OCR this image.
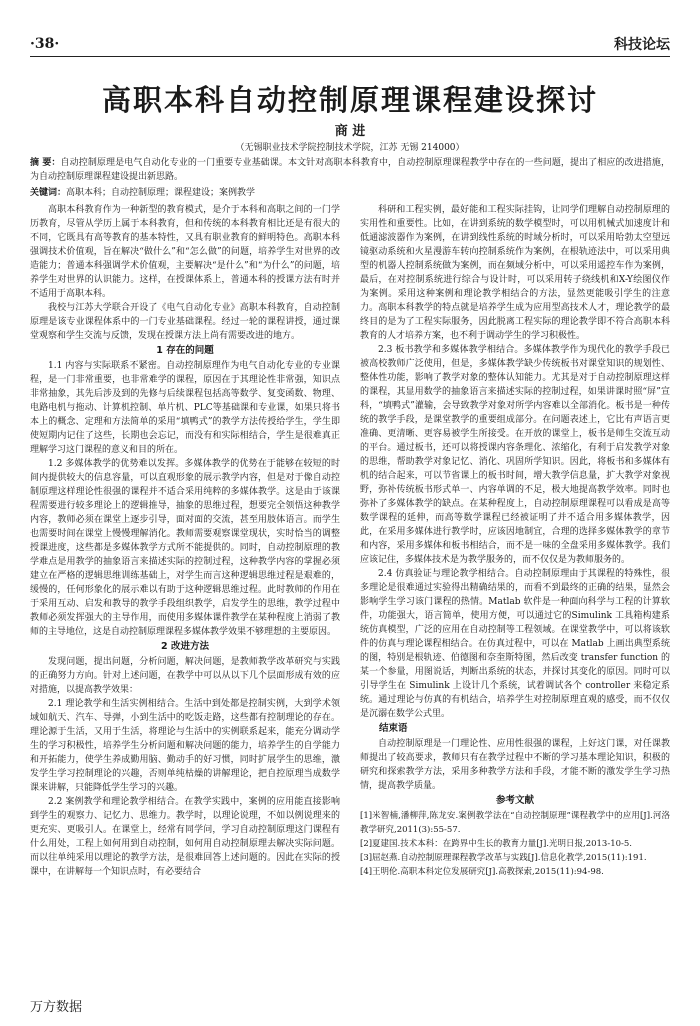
·38·	科技论坛
高职本科自动控制原理课程建设探讨
商 进
（无锡职业技术学院控制技术学院，江苏 无锡 214000）
摘 要：自动控制原理是电气自动化专业的一门重要专业基础课。本文针对高职本科教育中，自动控制原理课程教学中存在的一些问题，提出了相应的改进措施，为自动控制原理课程建设提出新思路。
关键词：高职本科；自动控制原理；课程建设；案例教学

高职本科教育作为一种新型的教育模式，是介于本科和高职之间的一门学历教育，尽管从学历上属于本科教育，但和传统的本科教育相比还是有很大的不同，它既具有高等教育的基本特性，又具有职业教育的鲜明特色。高职本科强调技术价值观，旨在解决“做什么”和“怎么做”的问题，培养学生对世界的改造能力；普通本科强调学术价值观，主要解决“是什么”和“为什么”的问题，培养学生对世界的认识能力。这样，在授课体系上，普通本科的授课方法有时并不适用于高职本科。

我校与江苏大学联合开设了《电气自动化专业》高职本科教育，自动控制原理是该专业课程体系中的一门专业基础课程。经过一轮的课程讲授，通过课堂观察和学生交流与反馈，发现在授课方法上尚有需要改进的地方。

1 存在的问题

1.1 内容与实际联系不紧密。自动控制原理作为电气自动化专业的专业课程，是一门非常重要，也非常难学的课程，原因在于其理论性非常强，知识点非常抽象，其先后涉及到的先修与后续课程包括高等数学、复变函数、物理、电路电机与拖动、计算机控制、单片机、PLC等基础课和专业课，如果只将书本上的概念、定理和方法简单的采用“填鸭式”的教学方法传授给学生，学生即使短期内记住了这些，长期也会忘记，而没有和实际相结合，学生是很难真正理解学习这门课程的意义和目的所在。

1.2 多媒体教学的优势难以发挥。多媒体教学的优势在于能够在较短的时间内提供较大的信息容量，可以直观形象的展示教学内容，但是对于像自动控制原理这样理论性很强的课程并不适合采用纯粹的多媒体教学。这是由于该课程需要进行较多理论上的逻辑推导，抽象的思维过程，想要完全领悟这种教学内容，教师必须在课堂上逐步引导，面对面的交流，甚至用肢体语言。而学生也需要时间在课堂上慢慢理解消化。教师需要观察课堂现状，实时恰当的调整授课进度，这些都是多媒体教学方式所不能提供的。同时，自动控制原理的教学难点是用教学的抽象语言来描述实际的控制过程，这种教学内容的掌握必须建立在严格的逻辑思维训练基础上，对学生而言这种逻辑思维过程是艰难的，缓慢的，任何形象化的展示难以有助于这种逻辑思维过程。此时教师的作用在于采用互动、启发和教导的教学手段组织教学，启发学生的思维，教学过程中教师必须发挥强大的主导作用，而使用多媒体课件教学在某种程度上消弱了教师的主导地位，这是自动控制原理课程多媒体教学效果不够理想的主要原因。

2 改进方法

发现问题，提出问题，分析问题，解决问题，是教师教学改革研究与实践的正确努力方向。针对上述问题，在教学中可以从以下几个层面形成有效的应对措施，以提高教学效果：

2.1 理论教学和生活实例相结合。生活中到处都是控制实例，大到学术领域如航天、汽车、导弹，小到生活中的吃饭走路，这些都有控制理论的存在。理论源于生活，又用于生活，将理论与生活中的实例联系起来，能充分调动学生的学习积极性，培养学生分析问题和解决问题的能力，培养学生的自学能力和开拓能力，使学生养成勤用脑、勤动手的好习惯，同时扩展学生的思维，激发学生学习控制理论的兴趣，否则单纯枯燥的讲解理论，把自控原理当成数学课来讲解，只能降低学生学习的兴趣。

2.2 案例教学和理论教学相结合。在教学实践中，案例的应用能直接影响到学生的观察力、记忆力、思维力。教学时，以理论说理，不如以例说理来的更充实、更吸引人。在课堂上，经常有同学问，学习自动控制原理这门课程有什么用处，工程上如何用到自动控制，如何用自动控制原理去解决实际问题。而以往单纯采用以理论的教学方法，是很难回答上述问题的。因此在实际的授课中，在讲解每一个知识点时，有必要结合

科研和工程实例，最好能和工程实际挂钩，让同学们理解自动控制原理的实用性和重要性。比如，在讲到系统的数学模型时，可以用机械式加速度计和低通滤波器作为案例，在讲到线性系统的时域分析时，可以采用哈勃太空望远镜驱动系统和火星漫游车转向控制系统作为案例，在根轨迹法中，可以采用典型的机器人控制系统做为案例，而在频域分析中，可以采用遥控车作为案例，最后，在对控制系统进行综合与设计时，可以采用转子绕线机和X-Y绘图仪作为案例。采用这种案例和理论教学相结合的方法，显然更能吸引学生的注意力。高职本科教学的特点就是培养学生成为应用型高技术人才，理论教学的最终目的是为了工程实际服务，因此脱离工程实际的理论教学即不符合高职本科教育的人才培养方案，也不利于调动学生的学习积极性。

2.3 板书教学和多媒体教学相结合。多媒体教学作为现代化的教学手段已被高校教师广泛使用，但是，多媒体教学缺少传统板书对课堂知识的规划性、整体性功能，影响了教学对象的整体认知能力。尤其是对于自动控制原理这样的课程，其显用数学的抽象语言来描述实际的控制过程，如果讲课时照“屏”宣科，“填鸭式”灌输，会导致教学对象对所学内容难以全部消化。板书是一种传统的教学手段，是课堂教学的重要组成部分。在问题表述上，它比有声语言更准确、更清晰、更容易被学生所接受。在开放的课堂上，板书是师生交流互动的平台。通过板书，还可以将授课内容条理化、浓缩化，有利于启发教学对象的思维，帮助教学对象记忆、消化、巩固所学知识。因此，将板书和多媒体有机的结合起来，可以节省课上的板书时间，增大教学信息量，扩大教学对象视野，弥补传统板书形式单一、内容单调的不足，极大地提高教学效率。同时也弥补了多媒体教学的缺点。在某种程度上，自动控制原理课程可以看成是高等数学课程的延伸，而高等数学课程已经被证明了并不适合用多媒体教学，因此，在采用多媒体进行教学时，应该因地制宜，合理的选择多媒体教学的章节和内容，采用多媒体和板书相结合，而不是一味的全盘采用多媒体教学。我们应该记住，多媒体技术是为教学服务的，而不仅仅是为教师服务的。

2.4 仿真验证与理论教学相结合。自动控制原理由于其课程的特殊性，很多理论是很难通过实验得出精确结果的，而看不到最终的正确的结果，显然会影响学生学习该门课程的热情。Matlab 软件是一种面向科学与工程的计算软件，功能强大，语言简单，使用方便，可以通过它的Simulink 工具箱构建系统仿真模型，广泛的应用在自动控制等工程领域。在课堂教学中，可以将该软件的仿真与理论课程相结合。在仿真过程中，可以在 Matlab 上画出典型系统的图，特别是根轨迹、伯德图和奈奎斯特图，然后改变 transfer function 的某一个参量，用图说话，判断出系统的状态，并探讨其变化的原因。同时可以引导学生在 Simulink 上设计几个系统，试着调试各个 controller 来稳定系统。通过理论与仿真的有机结合，培养学生对控制原理直观的感受，而不仅仅是沉溺在数学公式里。

结束语

自动控制原理是一门理论性、应用性很强的课程，上好这门课，对任课教师提出了较高要求，教师只有在教学过程中不断的学习基本理论知识，积极的研究和探索教学方法，采用多种教学方法和手段，才能不断的激发学生学习热情，提高教学质量。

参考文献

[1]米智楠,潘柳萍,陈龙安.案例教学法在“自动控制原理”课程教学中的应用[J].河洛教学研究,2011(3):55-57.

[2]夏建国.技术本科：在跨界中生长的教育力量[J].光明日报,2013-10-5.

[3]屈赵燕.自动控制原理课程教学改革与实践[J].信息化教学,2015(11):191.

[4]王明伦.高职本科定位发展研究[J].高教探索,2015(11):94-98.

万方数据
